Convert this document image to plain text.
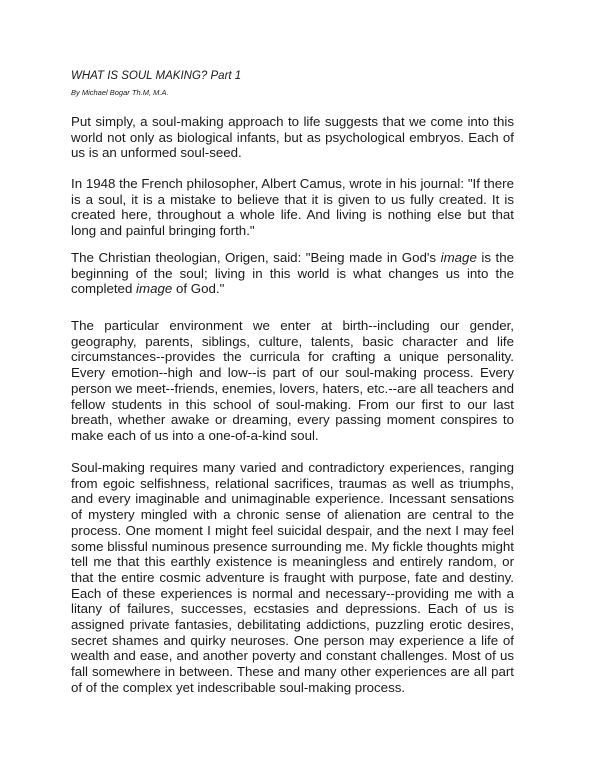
WHAT IS SOUL MAKING? Part 1
By Michael Bogar Th.M, M.A.
Put simply, a soul-making approach to life suggests that we come into this
world not only as biological infants, but as psychological embryos. Each of
us is an unformed soul-seed.
In 1948 the French philosopher, Albert Camus, wrote in his journal: "If there
is a soul, it is a mistake to believe that it is given to us fully created. It is
created here, throughout a whole life. And living is nothing else but that
long and painful bringing forth."
The Christian theologian, Origen, said: "Being made in God's image is the
beginning of the soul; living in this world is what changes us into the
completed image of God."
The particular environment we enter at birth--including our gender,
geography, parents, siblings, culture, talents, basic character and life
circumstances--provides the curricula for crafting a unique personality.
Every emotion--high and low--is part of our soul-making process. Every
person we meet--friends, enemies, lovers, haters, etc.--are all teachers and
fellow students in this school of soul-making. From our first to our last
breath, whether awake or dreaming, every passing moment conspires to
make each of us into a one-of-a-kind soul.
Soul-making requires many varied and contradictory experiences, ranging
from egoic selfishness, relational sacrifices, traumas as well as triumphs,
and every imaginable and unimaginable experience. Incessant sensations
of mystery mingled with a chronic sense of alienation are central to the
process. One moment I might feel suicidal despair, and the next I may feel
some blissful numinous presence surrounding me. My fickle thoughts might
tell me that this earthly existence is meaningless and entirely random, or
that the entire cosmic adventure is fraught with purpose, fate and destiny.
Each of these experiences is normal and necessary--providing me with a
litany of failures, successes, ecstasies and depressions. Each of us is
assigned private fantasies, debilitating addictions, puzzling erotic desires,
secret shames and quirky neuroses. One person may experience a life of
wealth and ease, and another poverty and constant challenges. Most of us
fall somewhere in between. These and many other experiences are all part
of of the complex yet indescribable soul-making process.
